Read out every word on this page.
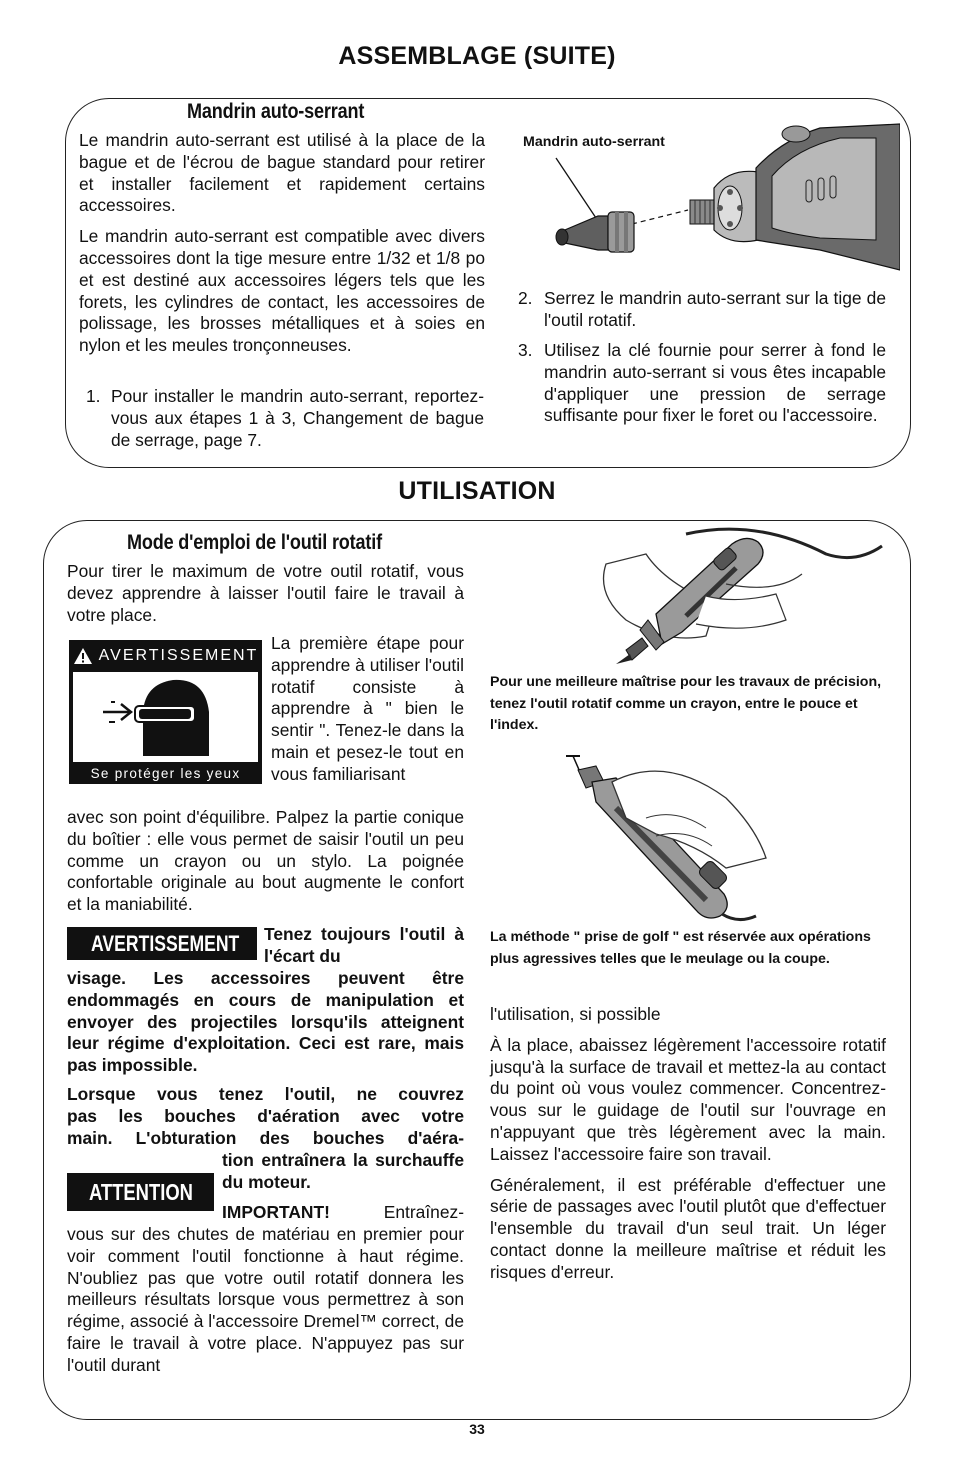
ASSEMBLAGE (SUITE)
Mandrin auto-serrant

Le mandrin auto-serrant est utilisé à la place de la bague et de l'écrou de bague standard pour retirer et installer facilement et rapidement certains accessoires.

Le mandrin auto-serrant est compatible avec divers accessoires dont la tige mesure entre 1/32 et 1/8 po et est destiné aux accessoires légers tels que les forets, les cylindres de contact, les accessoires de polissage, les brosses métalliques et à soies en nylon et les meules tronçonneuses.

1. Pour installer le mandrin auto-serrant, reportez-vous aux étapes 1 à 3, Changement de bague de serrage, page 7.
Mandrin auto-serrant
2. Serrez le mandrin auto-serrant sur la tige de l'outil rotatif.
3. Utilisez la clé fournie pour serrer à fond le mandrin auto-serrant si vous êtes incapable d'appliquer une pression de serrage suffisante pour fixer le foret ou l'accessoire.
UTILISATION
Mode d'emploi de l'outil rotatif

Pour tirer le maximum de votre outil rotatif, vous devez apprendre à laisser l'outil faire le travail à votre place.

AVERTISSEMENT
Se protéger les yeux

La première étape pour apprendre à utiliser l'outil rotatif consiste à apprendre à " bien le sentir ". Tenez-le dans la main et pesez-le tout en vous familiarisant

avec son point d'équilibre. Palpez la partie conique du boîtier : elle vous permet de saisir l'outil un peu comme un crayon ou un stylo. La poignée confortable originale au bout augmente le confort et la maniabilité.

AVERTISSEMENT Tenez toujours l'outil à l'écart du

visage. Les accessoires peuvent être endommagés en cours de manipulation et envoyer des projectiles lorsqu'ils atteignent leur régime d'exploitation. Ceci est rare, mais pas impossible.

Lorsque vous tenez l'outil, ne couvrez

pas les bouches d'aération avec votre

main. L'obturation des bouches d'aéra-

tion entraînera la surchauffe du moteur.

ATTENTION
IMPORTANT!	Entraînez-

vous sur des chutes de matériau en premier pour voir comment l'outil fonctionne à haut régime. N'oubliez pas que votre outil rotatif donnera les meilleurs résultats lorsque vous permettrez à son régime, associé à l'accessoire Dremel™ correct, de faire le travail à votre place. N'appuyez pas sur l'outil durant

Pour une meilleure maîtrise pour les travaux de précision, tenez l'outil rotatif comme un crayon, entre le pouce et l'index.

La méthode " prise de golf " est réservée aux opérations plus agressives telles que le meulage ou la coupe.

l'utilisation, si possible

À la place, abaissez légèrement l'accessoire rotatif jusqu'à la surface de travail et mettez-la au contact du point où vous voulez commencer. Concentrez-vous sur le guidage de l'outil sur l'ouvrage en n'appuyant que très légèrement avec la main. Laissez l'accessoire faire son travail.

Généralement, il est préférable d'effectuer une série de passages avec l'outil plutôt que d'effectuer l'ensemble du travail d'un seul trait. Un léger contact donne la meilleure maîtrise et réduit les risques d'erreur.

33
